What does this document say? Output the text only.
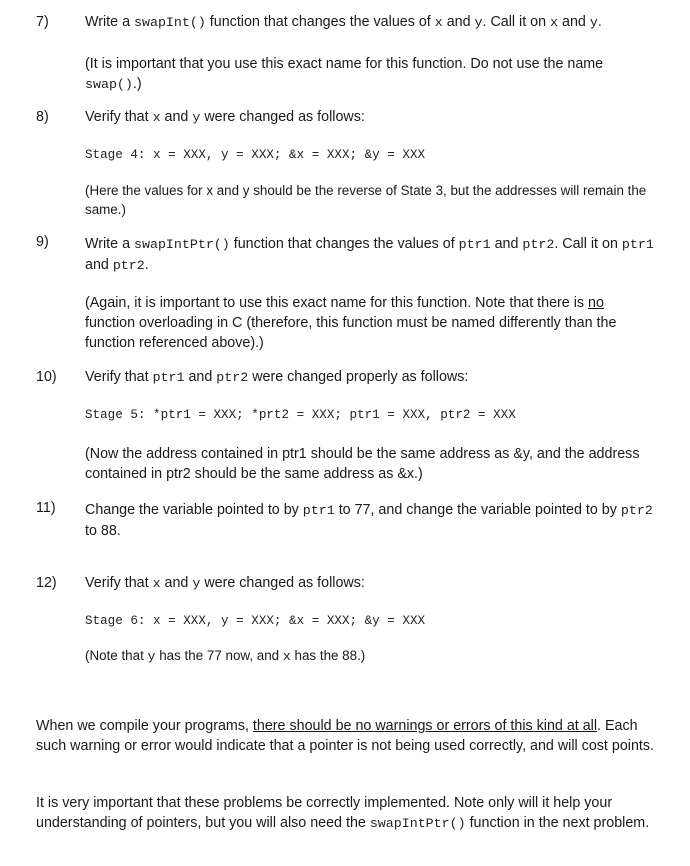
7)	Write a swapInt() function that changes the values of x and y. Call it on x and y.
(It is important that you use this exact name for this function. Do not use the name swap().)
8)	Verify that x and y were changed as follows:
Stage 4: x = XXX, y = XXX; &x = XXX; &y = XXX
(Here the values for x and y should be the reverse of State 3, but the addresses will remain the same.)
9)	Write a swapIntPtr() function that changes the values of ptr1 and ptr2. Call it on ptr1 and ptr2.
(Again, it is important to use this exact name for this function. Note that there is no function overloading in C (therefore, this function must be named differently than the function referenced above).)
10) Verify that ptr1 and ptr2 were changed properly as follows:
Stage 5: *ptr1 = XXX; *prt2 = XXX; ptr1 = XXX, ptr2 = XXX
(Now the address contained in ptr1 should be the same address as &y, and the address contained in ptr2 should be the same address as &x.)
11) Change the variable pointed to by ptr1 to 77, and change the variable pointed to by ptr2 to 88.
12) Verify that x and y were changed as follows:
Stage 6: x = XXX, y = XXX; &x = XXX; &y = XXX
(Note that y has the 77 now, and x has the 88.)
When we compile your programs, there should be no warnings or errors of this kind at all. Each such warning or error would indicate that a pointer is not being used correctly, and will cost points.
It is very important that these problems be correctly implemented. Note only will it help your understanding of pointers, but you will also need the swapIntPtr() function in the next problem.
